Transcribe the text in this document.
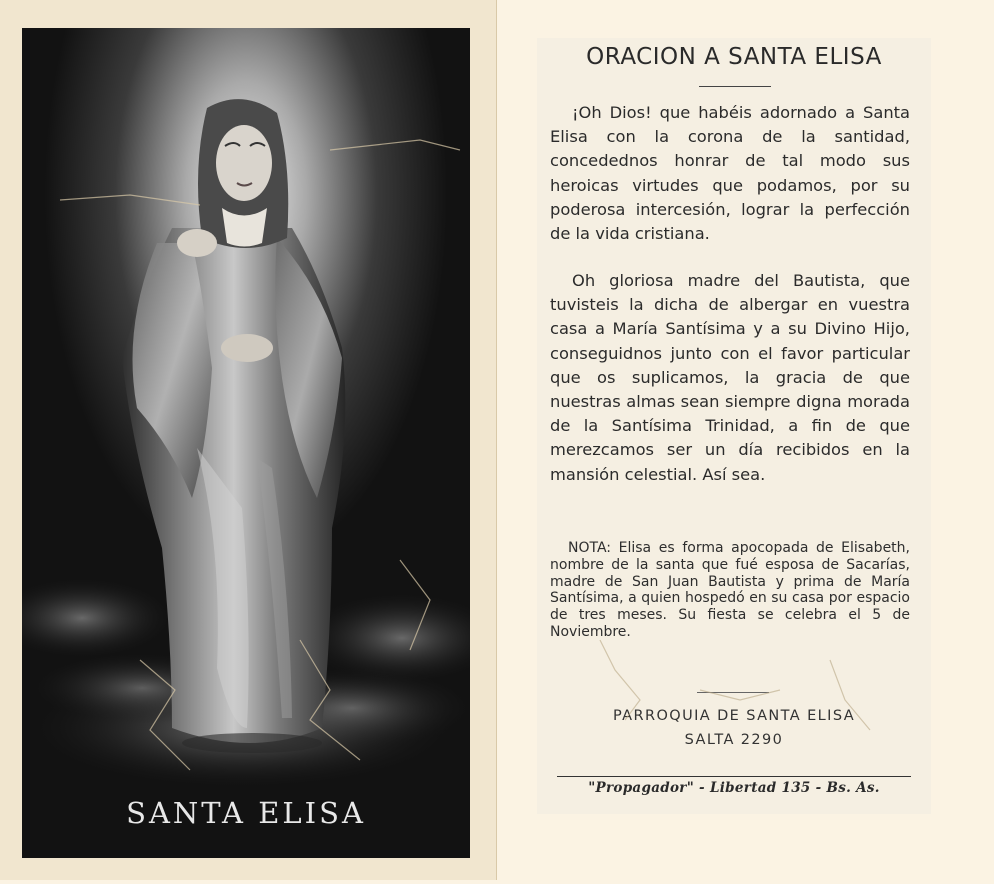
SANTA ELISA
ORACION A SANTA ELISA

¡Oh Dios! que habéis adornado a Santa Elisa con la corona de la santidad, concedednos honrar de tal modo sus heroicas virtudes que podamos, por su poderosa intercesión, lograr la perfección de la vida cristiana.

Oh gloriosa madre del Bautista, que tuvisteis la dicha de albergar en vuestra casa a María Santísima y a su Divino Hijo, conseguidnos junto con el favor particular que os suplicamos, la gracia de que nuestras almas sean siempre digna morada de la Santísima Trinidad, a fin de que merezcamos ser un día recibidos en la mansión celestial. Así sea.

NOTA: Elisa es forma apocopada de Elisabeth, nombre de la santa que fué esposa de Sacarías, madre de San Juan Bautista y prima de María Santísima, a quien hospedó en su casa por espacio de tres meses. Su fiesta se celebra el 5 de Noviembre.

PARROQUIA DE SANTA ELISA
SALTA 2290
"Propagador" - Libertad 135 - Bs. As.
